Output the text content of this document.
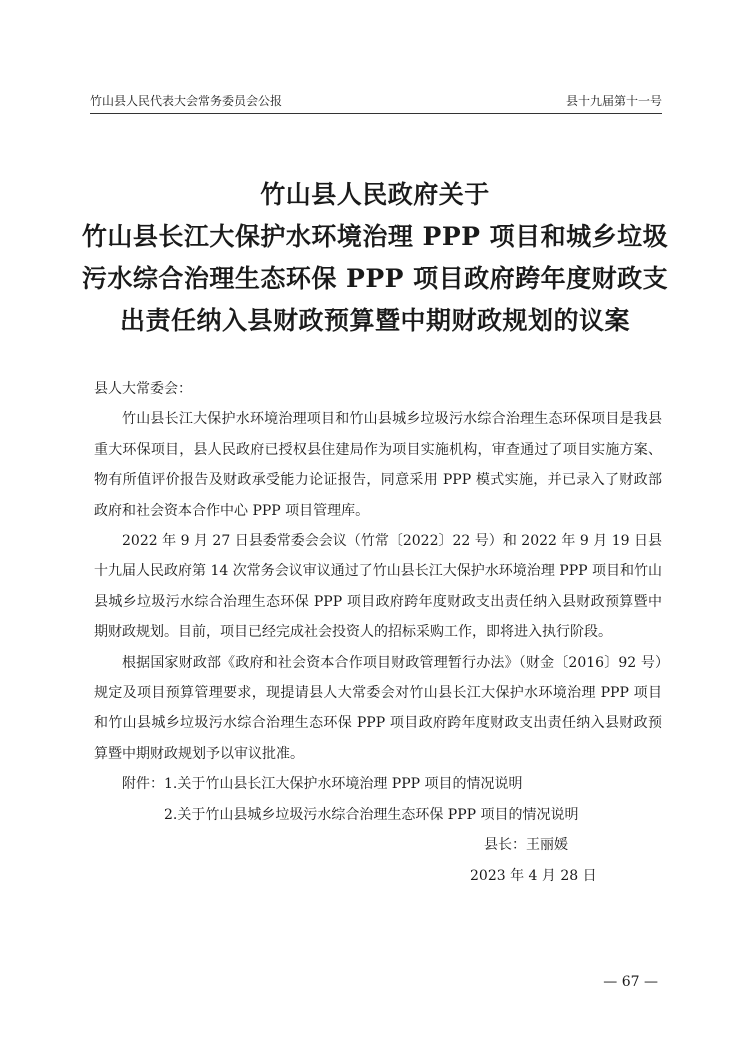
竹山县人民代表大会常务委员会公报	县十九届第十一号
竹山县人民政府关于
竹山县长江大保护水环境治理 PPP 项目和城乡垃圾
污水综合治理生态环保 PPP 项目政府跨年度财政支
出责任纳入县财政预算暨中期财政规划的议案

县人大常委会：

竹山县长江大保护水环境治理项目和竹山县城乡垃圾污水综合治理生态环保项目是我县重大环保项目，县人民政府已授权县住建局作为项目实施机构，审查通过了项目实施方案、物有所值评价报告及财政承受能力论证报告，同意采用 PPP 模式实施，并已录入了财政部政府和社会资本合作中心 PPP 项目管理库。

2022 年 9 月 27 日县委常委会会议（竹常〔2022〕22 号）和 2022 年 9 月 19 日县十九届人民政府第 14 次常务会议审议通过了竹山县长江大保护水环境治理 PPP 项目和竹山县城乡垃圾污水综合治理生态环保 PPP 项目政府跨年度财政支出责任纳入县财政预算暨中期财政规划。目前，项目已经完成社会投资人的招标采购工作，即将进入执行阶段。

根据国家财政部《政府和社会资本合作项目财政管理暂行办法》（财金〔2016〕92 号）规定及项目预算管理要求，现提请县人大常委会对竹山县长江大保护水环境治理 PPP 项目和竹山县城乡垃圾污水综合治理生态环保 PPP 项目政府跨年度财政支出责任纳入县财政预算暨中期财政规划予以审议批准。

附件：1.关于竹山县长江大保护水环境治理 PPP 项目的情况说明

2.关于竹山县城乡垃圾污水综合治理生态环保 PPP 项目的情况说明

县长：王丽媛

2023 年 4 月 28 日

— 67 —
